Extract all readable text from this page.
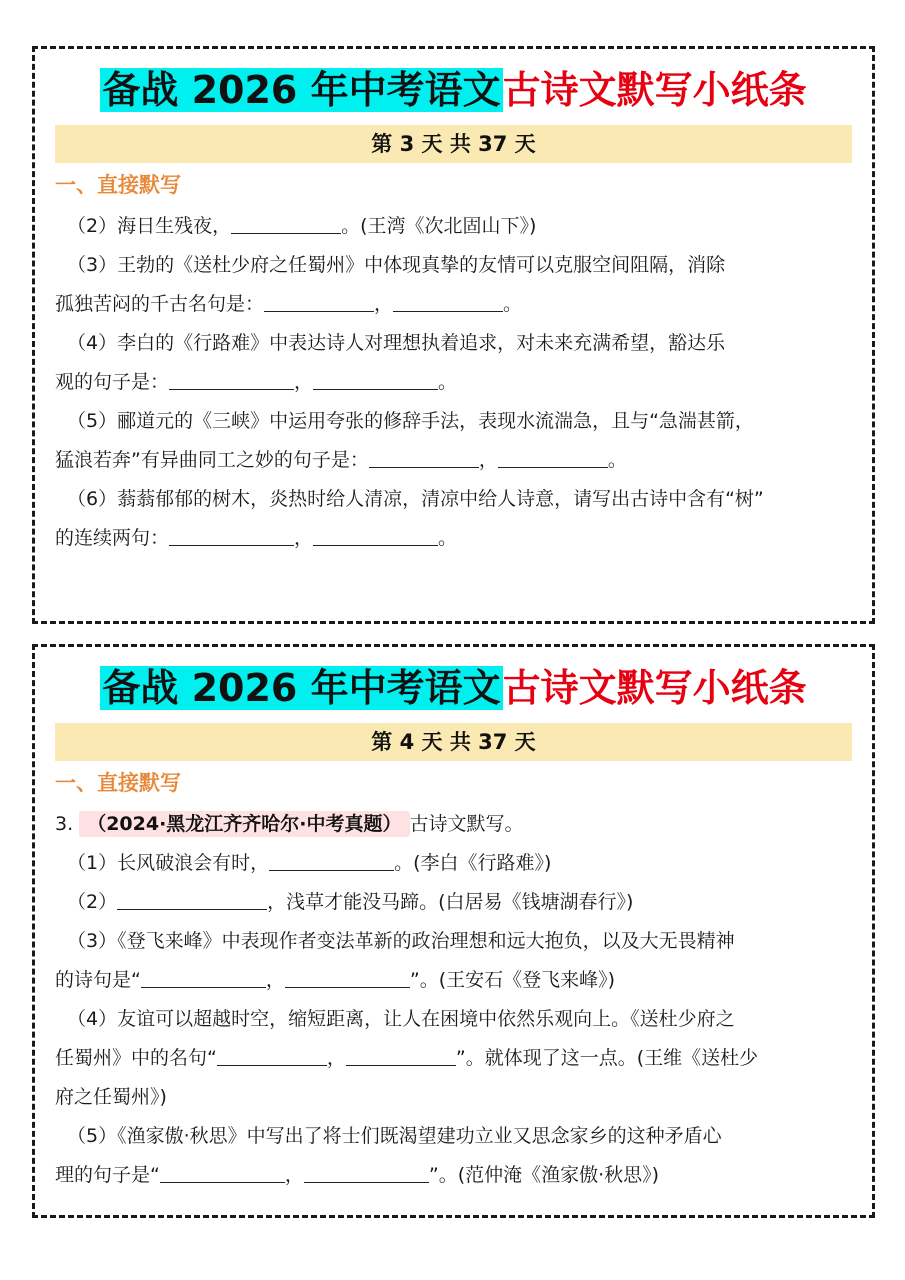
备战 2026 年中考语文古诗文默写小纸条
第 3 天 共 37 天
一、直接默写

（2）海日生残夜，	。(王湾《次北固山下》)

（3）王勃的《送杜少府之任蜀州》中体现真挚的友情可以克服空间阻隔，消除

孤独苦闷的千古名句是：	，	。

（4）李白的《行路难》中表达诗人对理想执着追求，对未来充满希望，豁达乐

观的句子是：	，	。

（5）郦道元的《三峡》中运用夸张的修辞手法，表现水流湍急，且与“急湍甚箭，

猛浪若奔”有异曲同工之妙的句子是：	，	。

（6）蓊蓊郁郁的树木，炎热时给人清凉，清凉中给人诗意，请写出古诗中含有“树”

的连续两句：	，	。

备战 2026 年中考语文古诗文默写小纸条
第 4 天 共 37 天
一、直接默写

3. （2024·黑龙江齐齐哈尔·中考真题） 古诗文默写。

（1）长风破浪会有时，	。(李白《行路难》)

（2）	，浅草才能没马蹄。(白居易《钱塘湖春行》)

（3）《登飞来峰》中表现作者变法革新的政治理想和远大抱负，以及大无畏精神

的诗句是“	，	”。(王安石《登飞来峰》)

（4）友谊可以超越时空，缩短距离，让人在困境中依然乐观向上。《送杜少府之

任蜀州》中的名句“	，	”。就体现了这一点。(王维《送杜少

府之任蜀州》)

（5）《渔家傲·秋思》中写出了将士们既渴望建功立业又思念家乡的这种矛盾心

理的句子是“	，	”。(范仲淹《渔家傲·秋思》)
